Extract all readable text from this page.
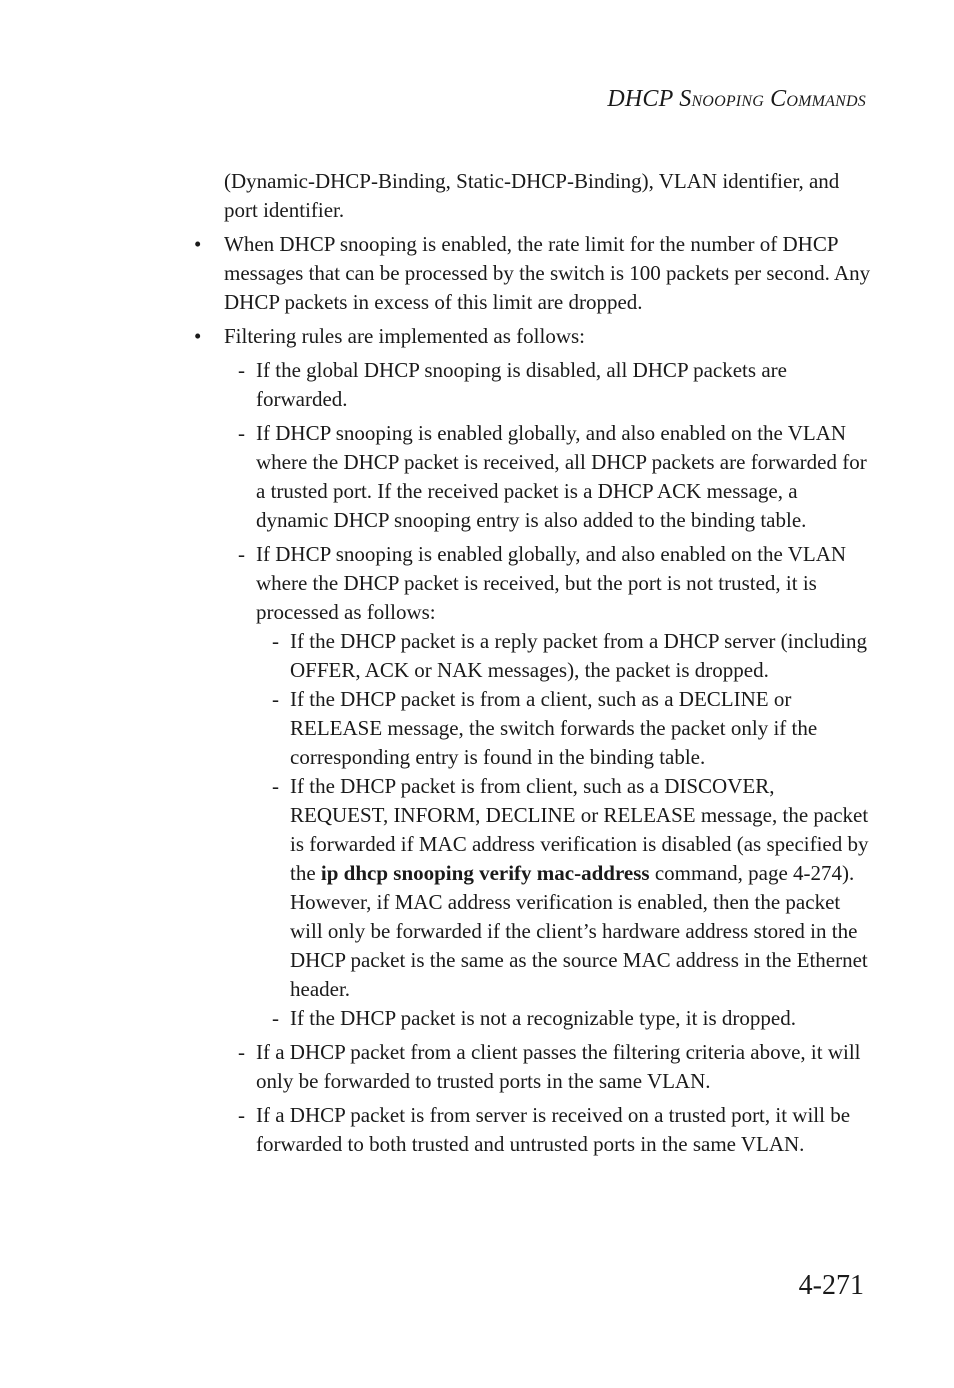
DHCP SNOOPING COMMANDS
(Dynamic-DHCP-Binding, Static-DHCP-Binding), VLAN identifier, and port identifier.
• When DHCP snooping is enabled, the rate limit for the number of DHCP messages that can be processed by the switch is 100 packets per second. Any DHCP packets in excess of this limit are dropped.
• Filtering rules are implemented as follows:
- If the global DHCP snooping is disabled, all DHCP packets are forwarded.
- If DHCP snooping is enabled globally, and also enabled on the VLAN where the DHCP packet is received, all DHCP packets are forwarded for a trusted port. If the received packet is a DHCP ACK message, a dynamic DHCP snooping entry is also added to the binding table.
- If DHCP snooping is enabled globally, and also enabled on the VLAN where the DHCP packet is received, but the port is not trusted, it is processed as follows:
- If the DHCP packet is a reply packet from a DHCP server (including OFFER, ACK or NAK messages), the packet is dropped.
- If the DHCP packet is from a client, such as a DECLINE or RELEASE message, the switch forwards the packet only if the corresponding entry is found in the binding table.
- If the DHCP packet is from client, such as a DISCOVER, REQUEST, INFORM, DECLINE or RELEASE message, the packet is forwarded if MAC address verification is disabled (as specified by the ip dhcp snooping verify mac-address command, page 4-274). However, if MAC address verification is enabled, then the packet will only be forwarded if the client’s hardware address stored in the DHCP packet is the same as the source MAC address in the Ethernet header.
- If the DHCP packet is not a recognizable type, it is dropped.
- If a DHCP packet from a client passes the filtering criteria above, it will only be forwarded to trusted ports in the same VLAN.
- If a DHCP packet is from server is received on a trusted port, it will be forwarded to both trusted and untrusted ports in the same VLAN.
4-271
